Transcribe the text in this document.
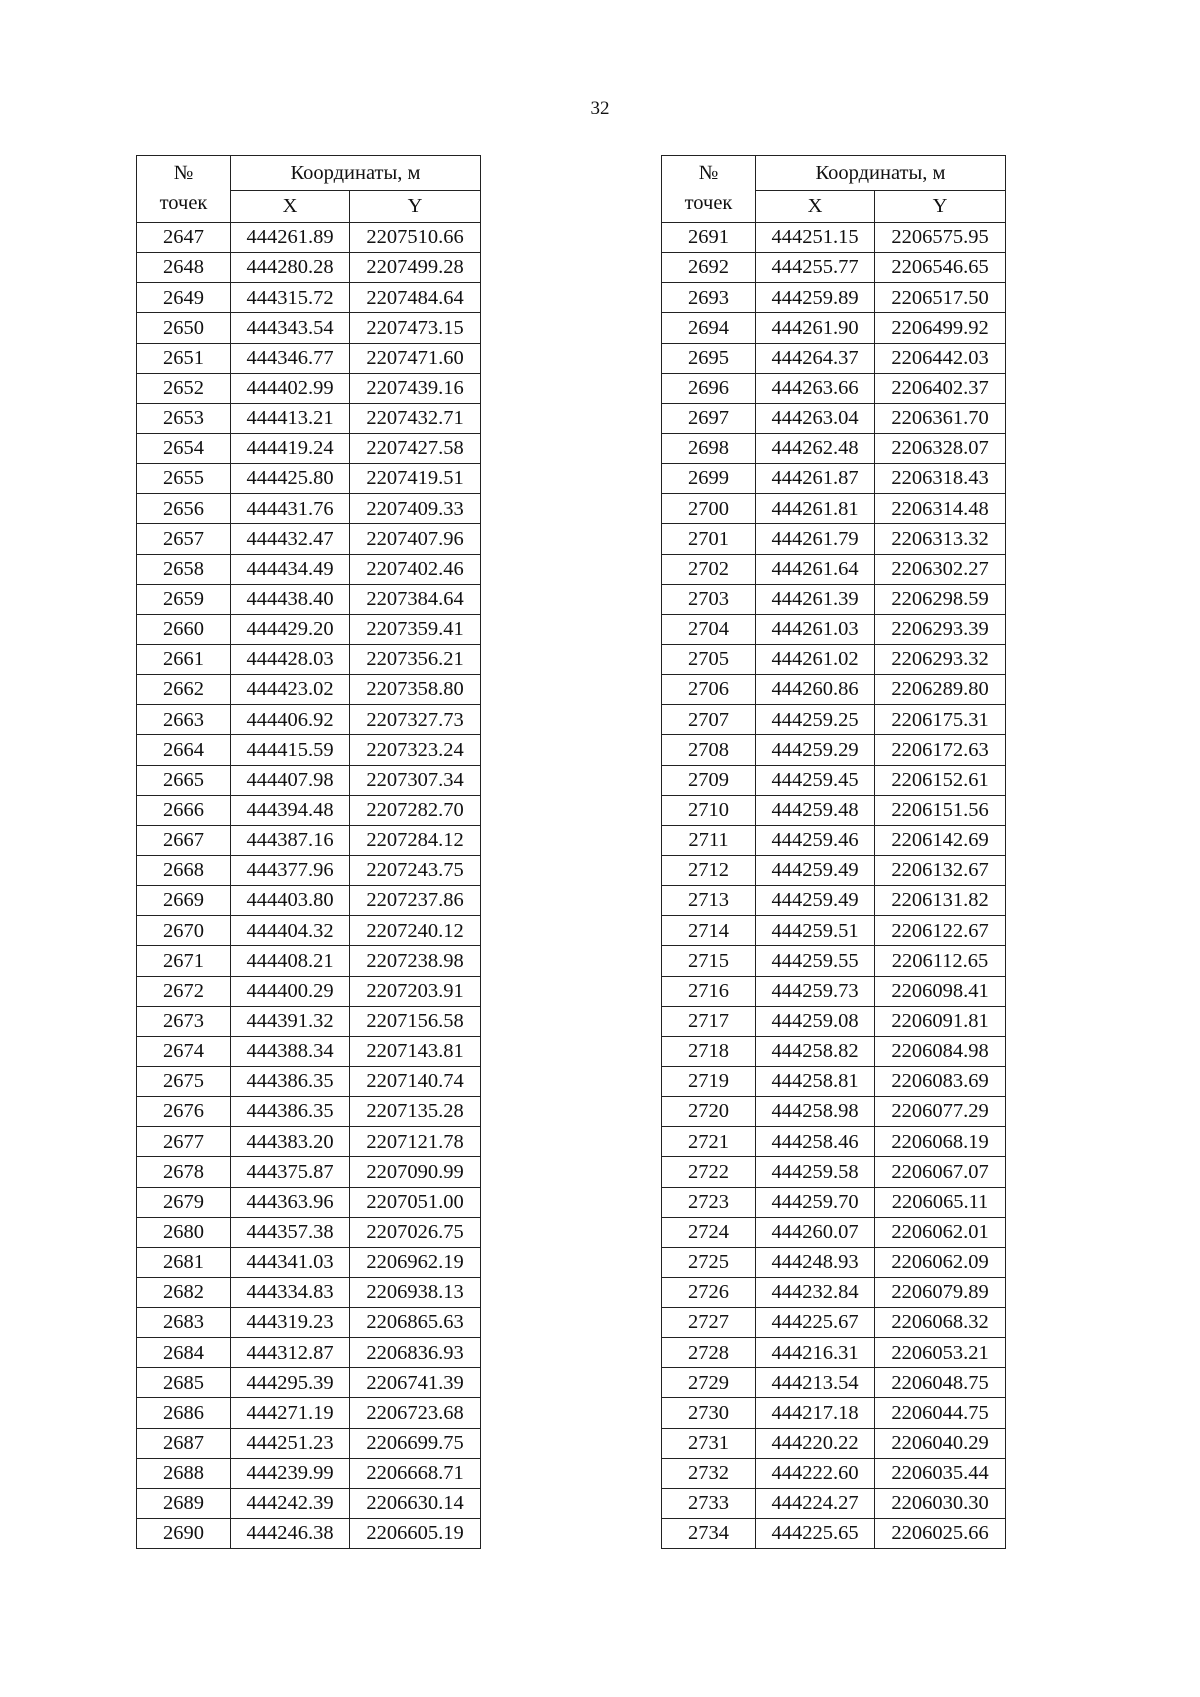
32
№
точек	Координаты, м	
	X	Y
2647	444261.89	2207510.66
2648	444280.28	2207499.28
2649	444315.72	2207484.64
2650	444343.54	2207473.15
2651	444346.77	2207471.60
2652	444402.99	2207439.16
2653	444413.21	2207432.71
2654	444419.24	2207427.58
2655	444425.80	2207419.51
2656	444431.76	2207409.33
2657	444432.47	2207407.96
2658	444434.49	2207402.46
2659	444438.40	2207384.64
2660	444429.20	2207359.41
2661	444428.03	2207356.21
2662	444423.02	2207358.80
2663	444406.92	2207327.73
2664	444415.59	2207323.24
2665	444407.98	2207307.34
2666	444394.48	2207282.70
2667	444387.16	2207284.12
2668	444377.96	2207243.75
2669	444403.80	2207237.86
2670	444404.32	2207240.12
2671	444408.21	2207238.98
2672	444400.29	2207203.91
2673	444391.32	2207156.58
2674	444388.34	2207143.81
2675	444386.35	2207140.74
2676	444386.35	2207135.28
2677	444383.20	2207121.78
2678	444375.87	2207090.99
2679	444363.96	2207051.00
2680	444357.38	2207026.75
2681	444341.03	2206962.19
2682	444334.83	2206938.13
2683	444319.23	2206865.63
2684	444312.87	2206836.93
2685	444295.39	2206741.39
2686	444271.19	2206723.68
2687	444251.23	2206699.75
2688	444239.99	2206668.71
2689	444242.39	2206630.14
2690	444246.38	2206605.19
№
точек	Координаты, м	
	X	Y
2691	444251.15	2206575.95
2692	444255.77	2206546.65
2693	444259.89	2206517.50
2694	444261.90	2206499.92
2695	444264.37	2206442.03
2696	444263.66	2206402.37
2697	444263.04	2206361.70
2698	444262.48	2206328.07
2699	444261.87	2206318.43
2700	444261.81	2206314.48
2701	444261.79	2206313.32
2702	444261.64	2206302.27
2703	444261.39	2206298.59
2704	444261.03	2206293.39
2705	444261.02	2206293.32
2706	444260.86	2206289.80
2707	444259.25	2206175.31
2708	444259.29	2206172.63
2709	444259.45	2206152.61
2710	444259.48	2206151.56
2711	444259.46	2206142.69
2712	444259.49	2206132.67
2713	444259.49	2206131.82
2714	444259.51	2206122.67
2715	444259.55	2206112.65
2716	444259.73	2206098.41
2717	444259.08	2206091.81
2718	444258.82	2206084.98
2719	444258.81	2206083.69
2720	444258.98	2206077.29
2721	444258.46	2206068.19
2722	444259.58	2206067.07
2723	444259.70	2206065.11
2724	444260.07	2206062.01
2725	444248.93	2206062.09
2726	444232.84	2206079.89
2727	444225.67	2206068.32
2728	444216.31	2206053.21
2729	444213.54	2206048.75
2730	444217.18	2206044.75
2731	444220.22	2206040.29
2732	444222.60	2206035.44
2733	444224.27	2206030.30
2734	444225.65	2206025.66
